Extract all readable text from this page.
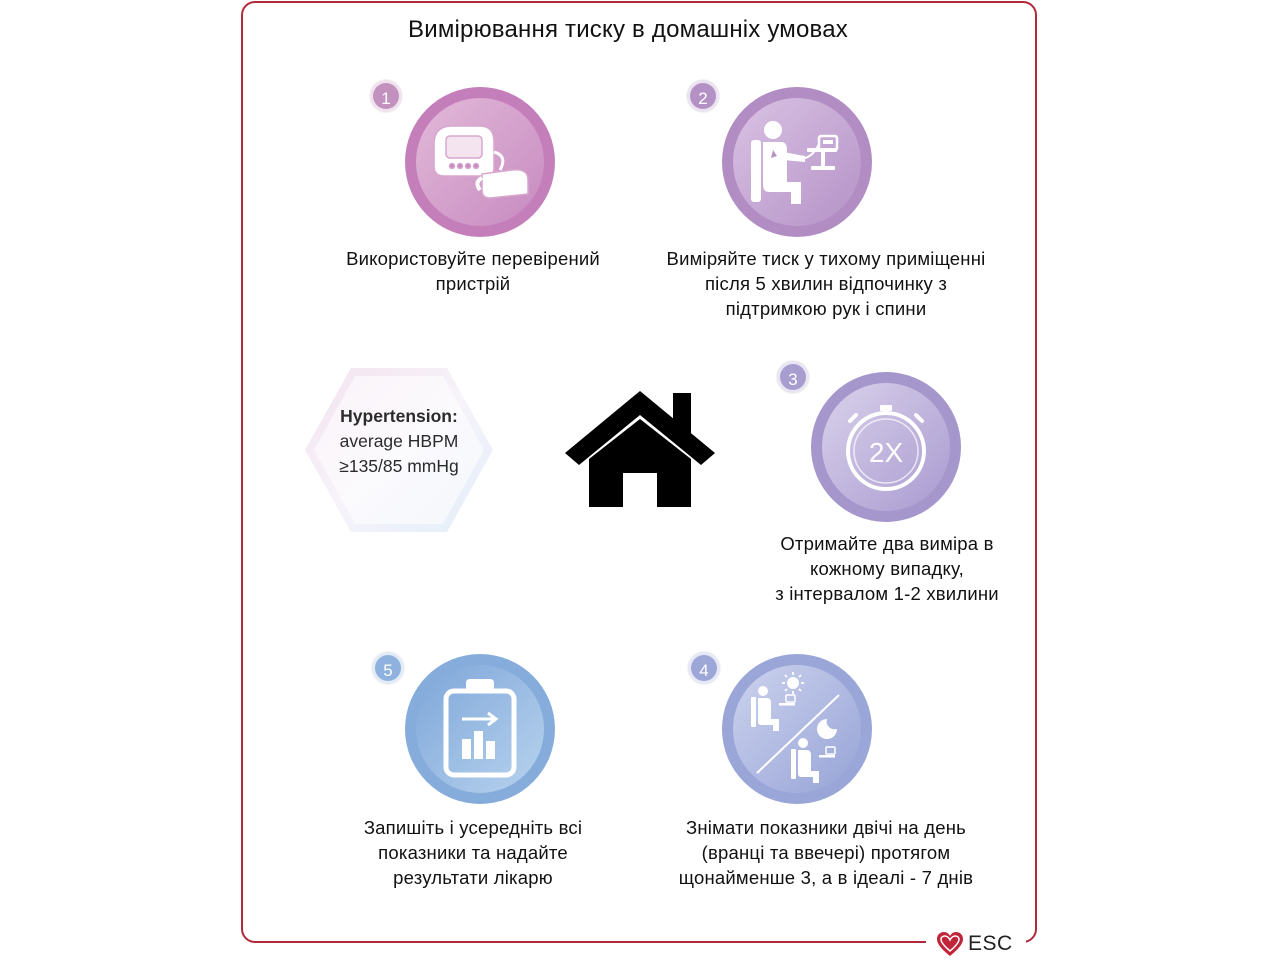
Вимірювання тиску в домашніх умовах
1
Використовуйте перевірений
пристрій
2
Виміряйте тиск у тихому приміщенні
після 5 хвилин відпочинку з
підтримкою рук і спини
Hypertension:
average HBPM
≥135/85 mmHg
3
2X
Отримайте два виміра в
кожному випадку,
з інтервалом 1-2 хвилини
5
Запишіть і усередніть всі
показники та надайте
результати лікарю
4
Знімати показники двічі на день
(вранці та ввечері) протягом
щонайменше 3, а в ідеалі - 7 днів
ESC
